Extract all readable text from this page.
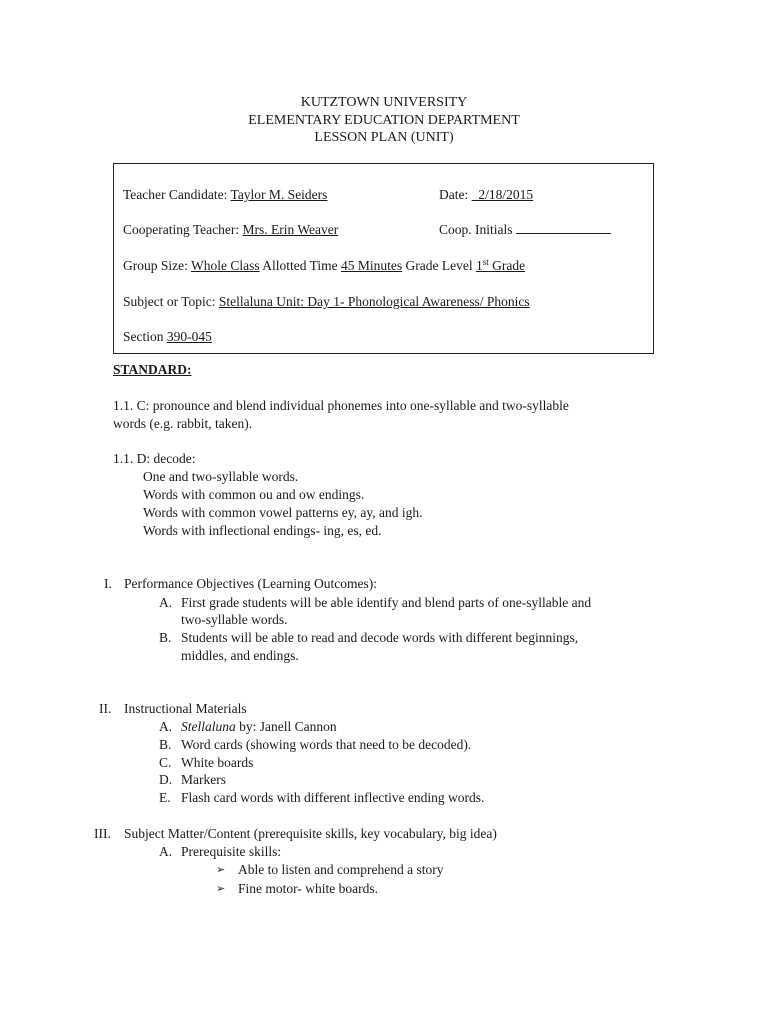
KUTZTOWN UNIVERSITY
ELEMENTARY EDUCATION DEPARTMENT
LESSON PLAN (UNIT)
Teacher Candidate: Taylor M. Seiders	Date:   2/18/2015
Cooperating Teacher: Mrs. Erin Weaver	Coop. Initials
Group Size: Whole Class Allotted Time 45 Minutes Grade Level 1st Grade
Subject or Topic: Stellaluna Unit: Day 1- Phonological Awareness/ Phonics
Section 390-045
STANDARD:
1.1. C: pronounce and blend individual phonemes into one-syllable and two-syllable
words (e.g. rabbit, taken).
1.1. D: decode:
One and two-syllable words.
Words with common ou and ow endings.
Words with common vowel patterns ey, ay, and igh.
Words with inflectional endings- ing, es, ed.
I. Performance Objectives (Learning Outcomes):
A. First grade students will be able identify and blend parts of one-syllable and
two-syllable words.
B. Students will be able to read and decode words with different beginnings,
middles, and endings.
II. Instructional Materials
A. Stellaluna by: Janell Cannon
B. Word cards (showing words that need to be decoded).
C. White boards
D. Markers
E. Flash card words with different inflective ending words.
III. Subject Matter/Content (prerequisite skills, key vocabulary, big idea)
A. Prerequisite skills:
➢ Able to listen and comprehend a story
➢ Fine motor- white boards.
